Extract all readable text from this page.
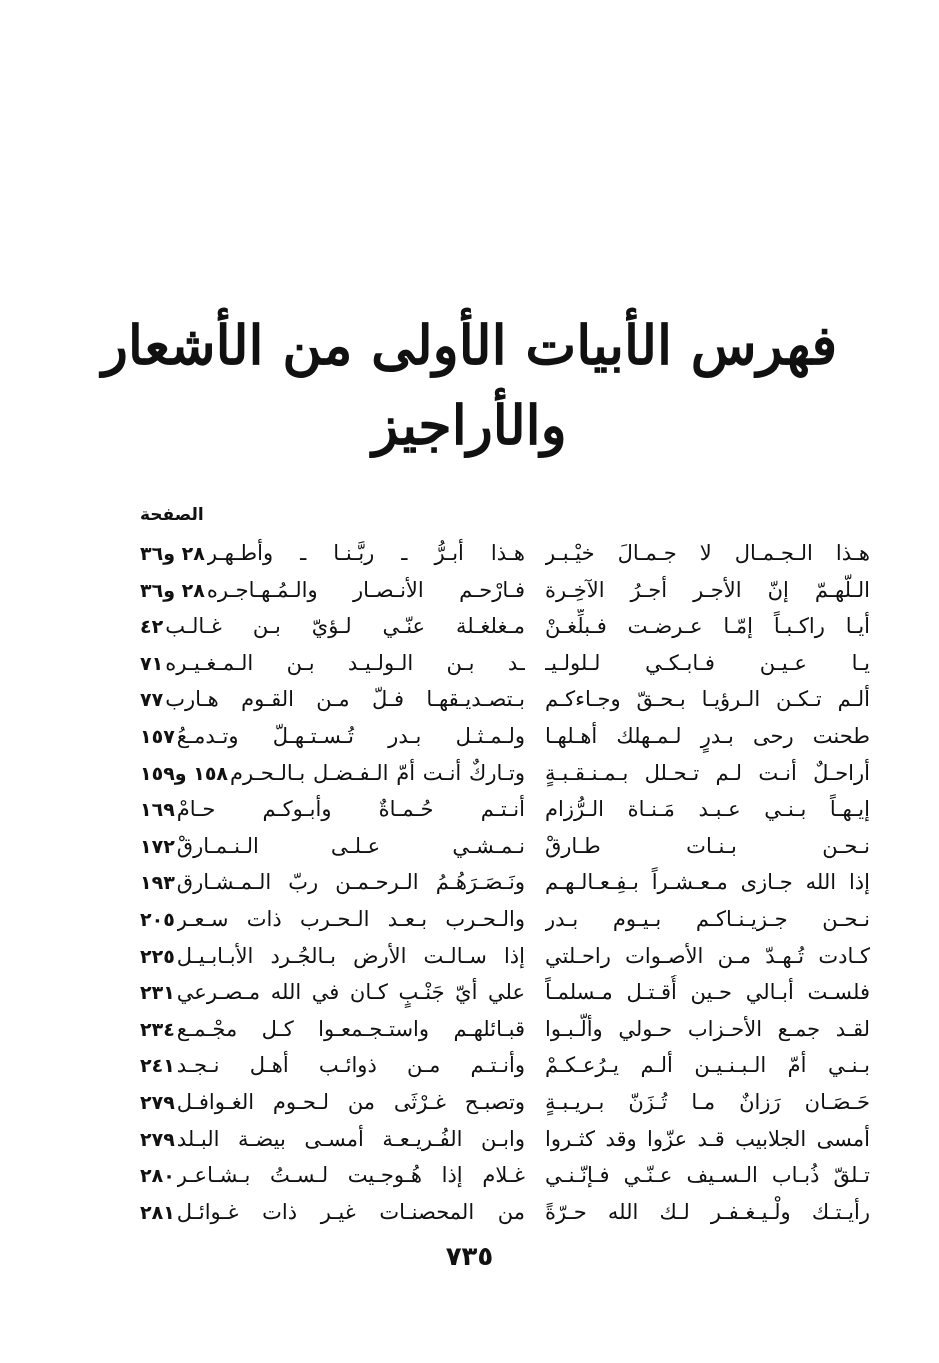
فهرس الأبيات الأولى من الأشعار والأراجيز
الصفحة
هـذا الـجـمـال لا جـمـالَ خيْـبـر
هـذا أبـرُّ ـ ربَّـنـا ـ وأطـهـر
٢٨ و٣٦
الـلّهـمّ إنّ الأجـر أجـرُ الآخِـرة
فـارْحـم الأنـصـار والـمُـهـاجـره
٢٨ و٣٦
أيـا راكـبـاً إمّـا عـرضـت فـبلِّغـنْ
مـغلغـلة عنّـي لـؤيّ بـن غـالـب
٤٢
يـا عـيـن فـابـكـي لـلولـيـ
ـد بـن الـولـيـد بـن الـمـغـيـره
٧١
ألـم تـكـن الـرؤيـا بـحـقّ وجـاءكـم
بـتصـديـقهـا فـلّ مـن القـوم هـارب
٧٧
طحنت رحى بـدرٍ لـمـهلك أهـلهـا
ولـمـثـل بـدر تُـسـتـهـلّ وتـدمـعُ
١٥٧
أراحـلٌ أنـت لـم تـحـلل بـمـنـقـبـةٍ
وتـاركٌ أنـت أمّ الـفـضـل بـالـحـرم
١٥٨ و١٥٩
إيـهـاً بـنـي عـبـد مَـنـاة الـرُّزام
أنـتـم حُـمـاةٌ وأبـوكـم حـامْ
١٦٩
نـحـن بـنـات طـارقْ
نـمـشـي عـلـى الـنـمـارقْ
١٧٢
إذا الله جـازى مـعـشـراً بـفِـعـالـهـم
ونَـصَـرَهُـمُ الـرحـمـن ربّ الـمـشـارق
١٩٣
نـحـن جـزيـنـاكـم بـيـوم بـدر
والـحـرب بـعـد الـحـرب ذات سـعـر
٢٠٥
كـادت تُـهـدّ مـن الأصـوات راحـلتي
إذا سـالـت الأرض بـالجُـرد الأبـابـيـل
٢٢٥
فلسـت أبـالي حـين أُقـتـل مـسلمـاً
علي أيّ جَنْـبٍ كـان في الله مـصـرعي
٢٣١
لقـد جمـع الأحـزاب حـولي وألّـبـوا
قبـائلهـم واستـجـمعـوا كـل مجْـمـع
٢٣٤
بـنـي أمّ الـبـنـيـن ألـم يـرُعـكـمْ
وأنـتـم مـن ذوائـب أهـل نـجـد
٢٤١
حَـصَـان رَزانٌ مـا تُـزَنّ بـريـبـةٍ
وتصبـح غـرْثَى من لـحـوم الغـوافـل
٢٧٩
أمسى الجلابيب قـد عزّوا وقد كثـروا
وابـن الفُـريـعـة أمسـى بيضـة البـلد
٢٧٩
تـلقّ ذُبـاب الـسـيف عـنّـي فـإنّـنـي
غـلام إذا هُـوجـيت لـسـتُ بـشـاعـر
٢٨٠
رأيـتـك ولْـيـغـفـر لـك الله حـرّةً
من المحصنـات غيـر ذات غـوائـل
٢٨١
٧٣٥
